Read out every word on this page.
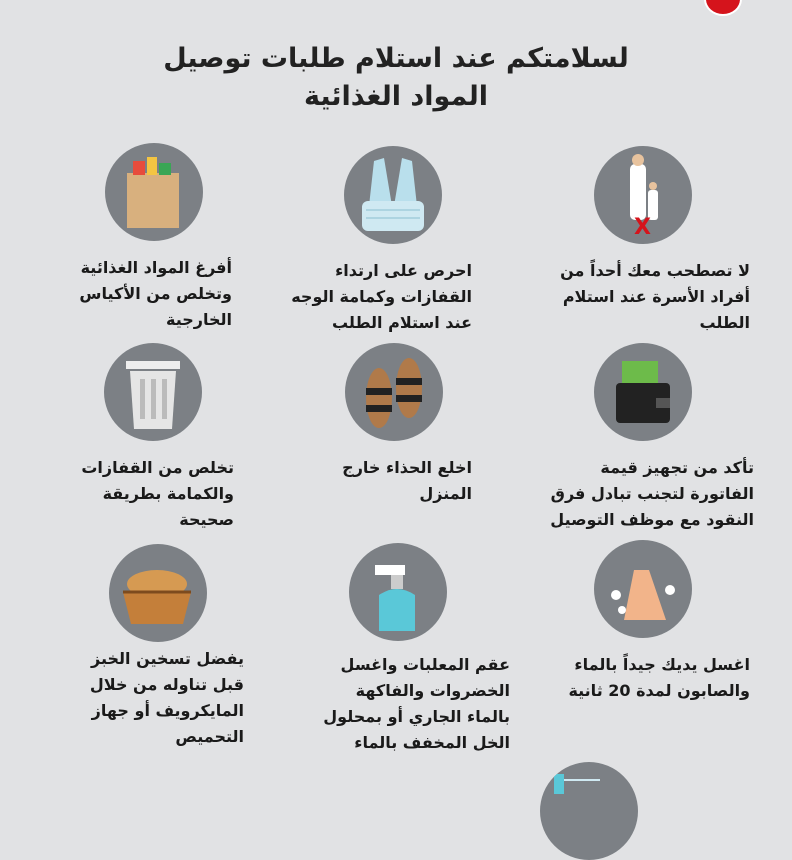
لسلامتكم عند استلام طلبات توصيل
المواد الغذائية
X
لا تصطحب معك أحداً من
أفراد الأسرة عند استلام
الطلب
احرص على ارتداء
القفازات وكمامة الوجه
عند استلام الطلب
أفرغ المواد الغذائية
وتخلص من الأكياس
الخارجية
تأكد من تجهيز قيمة
الفاتورة لتجنب تبادل فرق
النقود مع موظف التوصيل
اخلع الحذاء خارج
المنزل
تخلص من القفازات
والكمامة بطريقة
صحيحة
اغسل يديك جيداً بالماء
والصابون لمدة 20 ثانية
عقم المعلبات واغسل
الخضروات والفاكهة
بالماء الجاري أو بمحلول
الخل المخفف بالماء
يفضل تسخين الخبز
قبل تناوله من خلال
المايكرويف أو جهاز
التحميص
